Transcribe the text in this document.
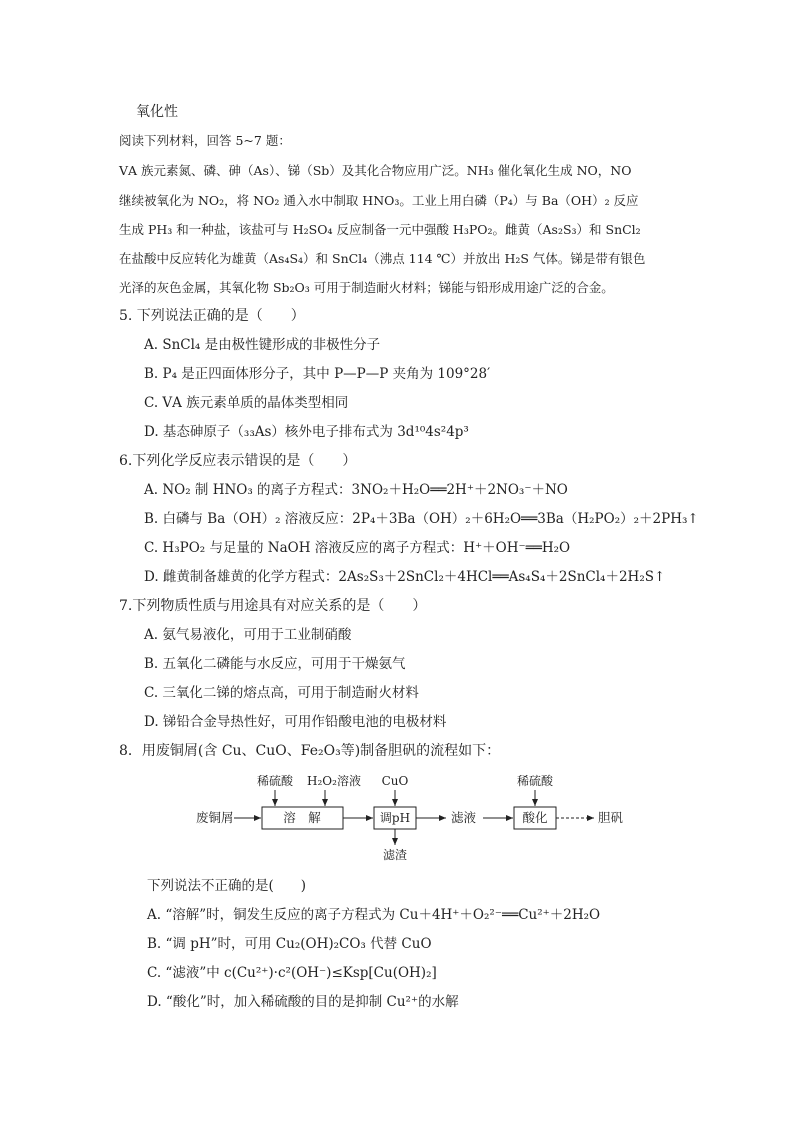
氧化性
阅读下列材料，回答 5~7 题：
ⅤA 族元素氮、磷、砷（As）、锑（Sb）及其化合物应用广泛。NH₃ 催化氧化生成 NO，NO
继续被氧化为 NO₂，将 NO₂ 通入水中制取 HNO₃。工业上用白磷（P₄）与 Ba（OH）₂ 反应
生成 PH₃ 和一种盐，该盐可与 H₂SO₄ 反应制备一元中强酸 H₃PO₂。雌黄（As₂S₃）和 SnCl₂
在盐酸中反应转化为雄黄（As₄S₄）和 SnCl₄（沸点 114 ℃）并放出 H₂S 气体。锑是带有银色
光泽的灰色金属，其氧化物 Sb₂O₃ 可用于制造耐火材料；锑能与铅形成用途广泛的合金。
5. 下列说法正确的是（　　）
A. SnCl₄ 是由极性键形成的非极性分子
B. P₄ 是正四面体形分子，其中 P—P—P 夹角为 109°28′
C. ⅤA 族元素单质的晶体类型相同
D. 基态砷原子（₃₃As）核外电子排布式为 3d¹⁰4s²4p³
6.下列化学反应表示错误的是（　　）
A. NO₂ 制 HNO₃ 的离子方程式：3NO₂＋H₂O══2H⁺＋2NO₃⁻＋NO
B. 白磷与 Ba（OH）₂ 溶液反应：2P₄＋3Ba（OH）₂＋6H₂O══3Ba（H₂PO₂）₂＋2PH₃↑
C. H₃PO₂ 与足量的 NaOH 溶液反应的离子方程式：H⁺＋OH⁻══H₂O
D. 雌黄制备雄黄的化学方程式：2As₂S₃＋2SnCl₂＋4HCl══As₄S₄＋2SnCl₄＋2H₂S↑
7.下列物质性质与用途具有对应关系的是（　　）
A. 氨气易液化，可用于工业制硝酸
B. 五氧化二磷能与水反应，可用于干燥氨气
C. 三氧化二锑的熔点高，可用于制造耐火材料
D. 锑铅合金导热性好，可用作铅酸电池的电极材料
8．用废铜屑(含 Cu、CuO、Fe₂O₃等)制备胆矾的流程如下：
废铜屑	溶　解
稀硫酸 H₂O₂溶液
调pH
CuO
滤渣
滤液	酸化
稀硫酸
胆矾
下列说法不正确的是(　　)
A. “溶解”时，铜发生反应的离子方程式为 Cu＋4H⁺＋O₂²⁻══Cu²⁺＋2H₂O
B. “调 pH”时，可用 Cu₂(OH)₂CO₃ 代替 CuO
C. “滤液”中 c(Cu²⁺)·c²(OH⁻)≤Ksp[Cu(OH)₂]
D. “酸化”时，加入稀硫酸的目的是抑制 Cu²⁺的水解
